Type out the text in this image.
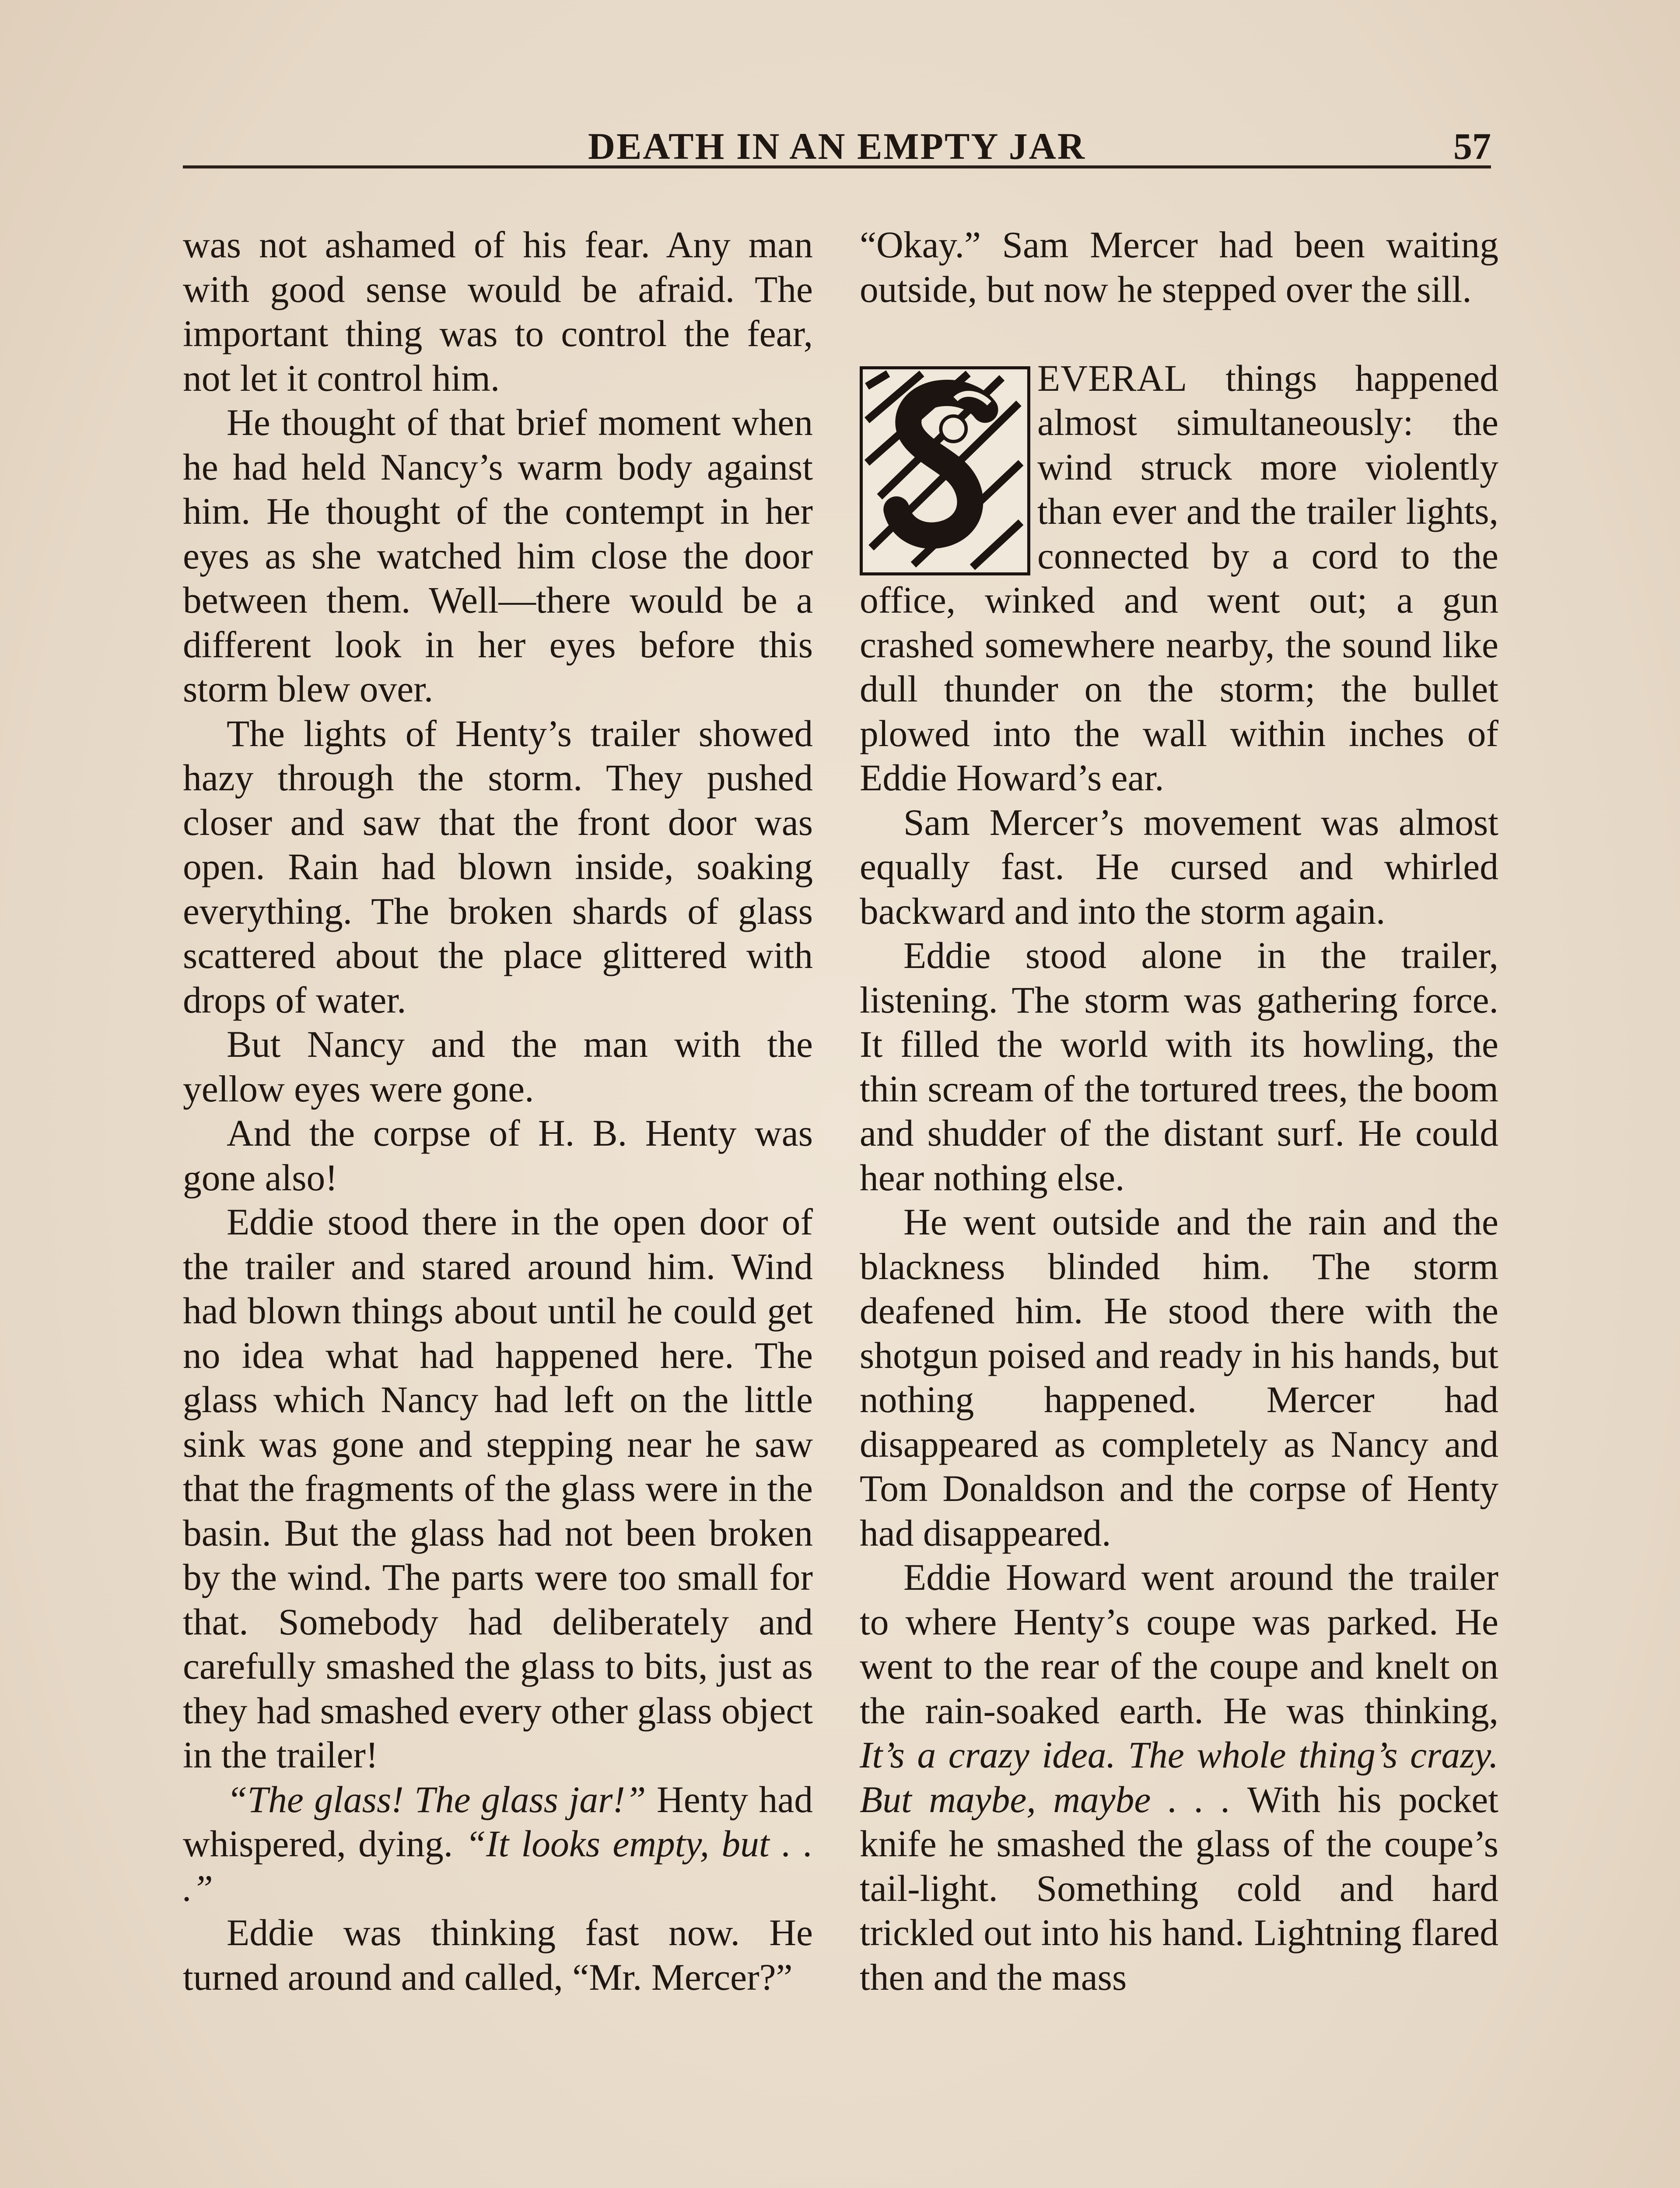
DEATH IN AN EMPTY JAR	57

was not ashamed of his fear. Any man with good sense would be afraid. The important thing was to control the fear, not let it control him.

He thought of that brief moment when he had held Nancy’s warm body against him. He thought of the contempt in her eyes as she watched him close the door between them. Well—there would be a different look in her eyes before this storm blew over.

The lights of Henty’s trailer showed hazy through the storm. They pushed closer and saw that the front door was open. Rain had blown inside, soaking everything. The broken shards of glass scattered about the place glittered with drops of water.

But Nancy and the man with the yellow eyes were gone.

And the corpse of H. B. Henty was gone also!

Eddie stood there in the open door of the trailer and stared around him. Wind had blown things about until he could get no idea what had happened here. The glass which Nancy had left on the little sink was gone and stepping near he saw that the fragments of the glass were in the basin. But the glass had not been broken by the wind. The parts were too small for that. Somebody had deliberately and carefully smashed the glass to bits, just as they had smashed every other glass object in the trailer!

“The glass! The glass jar!” Henty had whispered, dying. “It looks empty, but . . .”

Eddie was thinking fast now. He turned around and called, “Mr. Mercer?”

“Okay.” Sam Mercer had been waiting outside, but now he stepped over the sill.

EVERAL things happened almost simultaneously: the wind struck more violently than ever and the trailer lights, connected by a cord to the office, winked and went out; a gun crashed somewhere nearby, the sound like dull thunder on the storm; the bullet plowed into the wall within inches of Eddie Howard’s ear.

Sam Mercer’s movement was almost equally fast. He cursed and whirled backward and into the storm again.

Eddie stood alone in the trailer, listening. The storm was gathering force. It filled the world with its howling, the thin scream of the tortured trees, the boom and shudder of the distant surf. He could hear nothing else.

He went outside and the rain and the blackness blinded him. The storm deafened him. He stood there with the shotgun poised and ready in his hands, but nothing happened. Mercer had disappeared as completely as Nancy and Tom Donaldson and the corpse of Henty had disappeared.

Eddie Howard went around the trailer to where Henty’s coupe was parked. He went to the rear of the coupe and knelt on the rain-soaked earth. He was thinking, It’s a crazy idea. The whole thing’s crazy. But maybe, maybe . . . With his pocket knife he smashed the glass of the coupe’s tail-light. Something cold and hard trickled out into his hand. Lightning flared then and the mass
